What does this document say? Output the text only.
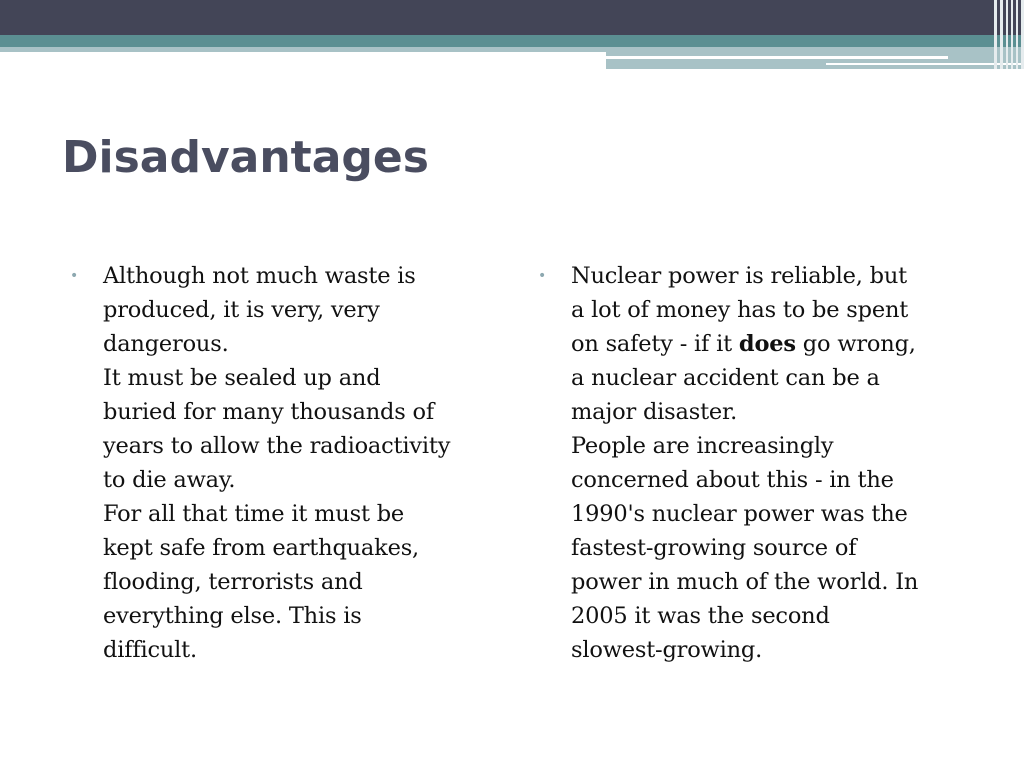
Disadvantages
• Although not much waste is
produced, it is very, very
dangerous.
It must be sealed up and
buried for many thousands of
years to allow the radioactivity
to die away.
For all that time it must be
kept safe from earthquakes,
flooding, terrorists and
everything else. This is
difficult.
• Nuclear power is reliable, but
a lot of money has to be spent
on safety - if it does go wrong,
a nuclear accident can be a
major disaster.
People are increasingly
concerned about this - in the
1990's nuclear power was the
fastest-growing source of
power in much of the world. In
2005 it was the second
slowest-growing.
